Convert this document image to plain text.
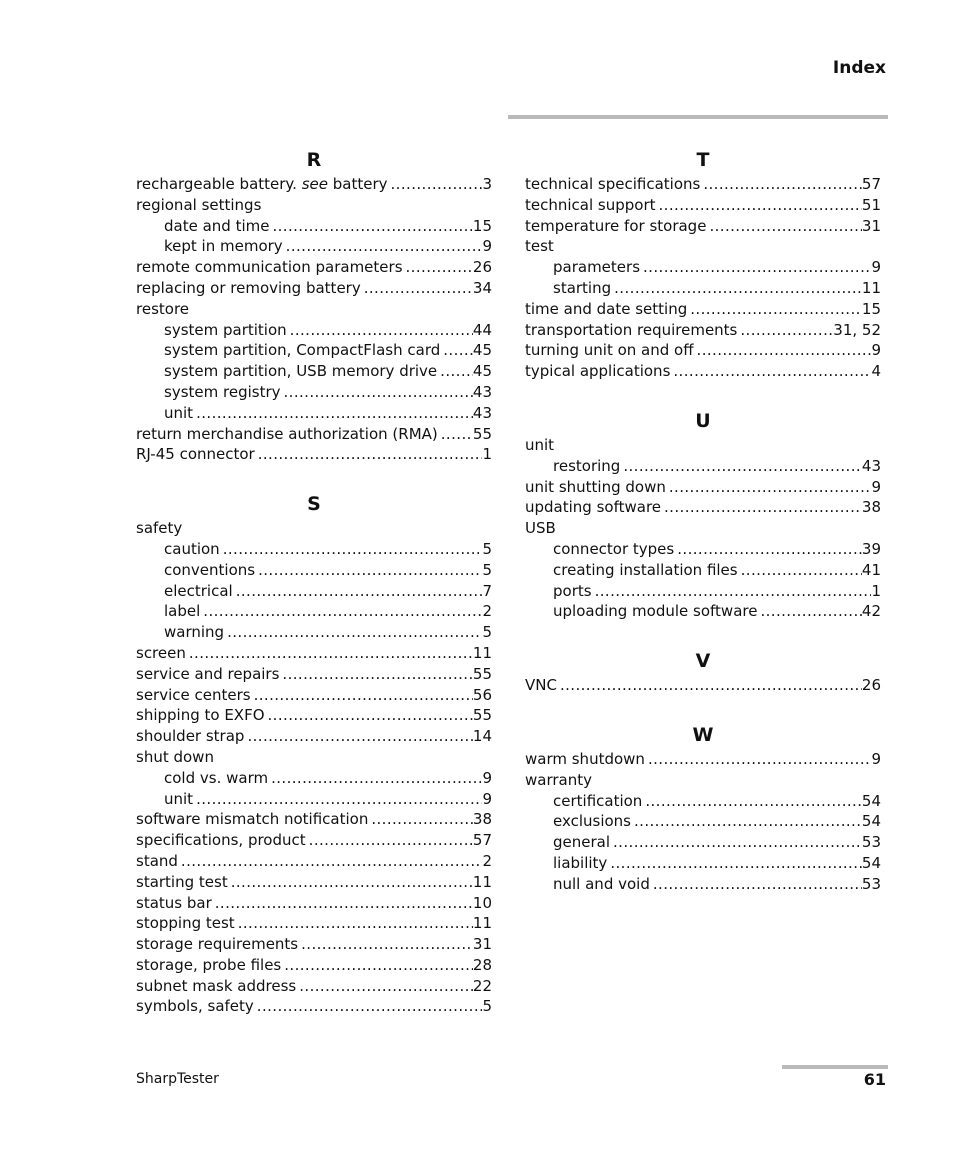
Index
R
rechargeable battery. see battery .....	3
regional settings
date and time .....	15
kept in memory .....	9
remote communication parameters .....	26
replacing or removing battery .....	34
restore
system partition .....	44
system partition, CompactFlash card ..... 45
system partition, USB memory drive ..... 45
system registry .....	43
unit .....	43
return merchandise authorization (RMA) ..... 55
RJ-45 connector .....	1
S
safety
caution .....	5
conventions .....	5
electrical .....	7
label .....	2
warning .....	5
screen .....	11
service and repairs .....	55
service centers .....	56
shipping to EXFO .....	55
shoulder strap .....	14
shut down
cold vs. warm .....	9
unit .....	9
software mismatch notification .....	38
specifications, product .....	57
stand .....	2
starting test .....	11
status bar .....	10
stopping test .....	11
storage requirements .....	31
storage, probe files .....	28
subnet mask address .....	22
symbols, safety .....	5
T
technical specifications .....	57
technical support .....	51
temperature for storage .....	31
test
parameters .....	9
starting .....	11
time and date setting .....	15
transportation requirements .....	31, 52
turning unit on and off .....	9
typical applications .....	4
U
unit
restoring .....	43
unit shutting down .....	9
updating software .....	38
USB
connector types .....	39
creating installation files .....	41
ports .....	1
uploading module software .....	42
V
VNC .....	26
W
warm shutdown .....	9
warranty
certification .....	54
exclusions .....	54
general .....	53
liability .....	54
null and void .....	53
SharpTester	61
